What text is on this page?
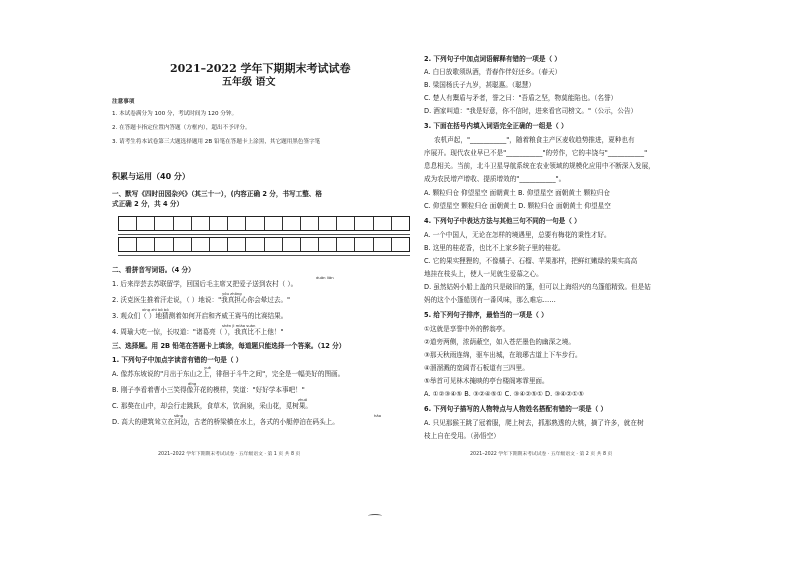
2021–2022 学年下期期末考试试卷
五年级 语文
注意事项
1. 本试卷满分为 100 分，考试时间为 120 分钟。
2. 在答题卡指定位置内答题（方框内），超出不予评分。
3. 请考生将本试卷第三大题选择题用 2B 铅笔在答题卡上涂黑，其它题用黑色签字笔
积累与运用（40 分）
一、默写《四时田园杂兴》（其三十一），(内容正确 2 分，书写工整、格
式正确 2 分，共 4 分）
二、看拼音写词语。（4 分）
duān liǎn
1. 后来岸芸去苏联留学，回国后毛主席又把爱子送到农村（ ）。
yóu zhōng
2. 沃克医生推着汗走说，（ ）地说："我真担心你会晕过去。"
xìng zhì bó bó
3. 观众们（ ）地猜测着如何开启和齐威王赛马的比赛结果。
shén jì miào suàn
4. 周瑜大吃一惊，长叹道："诸葛亮（ ），我真比不上他！"
三、选择题。用 2B 铅笔在答题卡上填涂，每道题只能选择一个答案。（12 分）
1. 下列句子中加点字读音有错的一句是（ ）
yuè
A. 像苏东坡说的"月出于东山之上，徘徊于斗牛之间"，完全是一幅美好的图画。
dīng
B. 刚子李看着曹小三笑得像开花的模样，笑道："好好学本事吧！"
zhuó
C. 那獒在山中，却会行走跳跃，食草木，饮涧泉，采山花，觅树果。
sōng	hǎo
D. 高大的建筑耸立在河边，古老的桥梁横在水上，各式的小艇停泊在码头上。
2021–2022 学年下期期末考试试卷 · 五年级语文 · 第 1 页 共 8 页
2. 下列句子中加点词语解释有错的一项是（ ）
A. 白日放歌须纵酒，青春作伴好还乡。（春天）
B. 梁国杨氏子九岁，甚聪惠。（聪慧）
C. 楚人有鬻盾与矛者，誉之曰："吾盾之坚，物莫能陷也。（名誉）
D. 酒家叫道："我是好意，你不信时，进来看官司榜文。"（公示，公告）
3. 下面在括号内填入词语完全正确的一组是（ ）
农机声起，"___________"，随着粮食主产区麦收趋势推进，夏种也有
序展开。现代农业早已不是"___________"的劳作，它的丰饶与"___________"
息息相关。当前，北斗卫星导航系统在农业领域的规模化应用中不断深入发展，
成为农民增产增收、提质增效的"___________"。
A. 颗粒归仓 仰望星空 面朝黄土 B. 仰望星空 面朝黄土 颗粒归仓
C. 仰望星空 颗粒归仓 面朝黄土 D. 颗粒归仓 面朝黄土 仰望星空
4. 下列句子中表达方法与其他三句不同的一句是（ ）
A. 一个中国人，无论在怎样的境遇里，总要有梅花的秉性才好。
B. 这里的桂花香，也比不上家乡院子里的桂花。
C. 它的果实狸狸的，不像橘子、石榴、苹果那样，把鲜红嫩绿的果实高高
地挂在枝头上，使人一见就生爱慕之心。
D. 虽然姑妈小船上盖的只是破旧的篷，但可以上海绍兴的乌篷船精致。但是姑
妈的这个小篷船别有一番风味，那么难忘……
5. 给下列句子排序，最恰当的一项是（ ）
①这就是享誉中外的醉翁亭。
②道旁两侧，浓荫蔽空，如入苍茫墨色的幽深之境。
③那天秋雨连绵，驱车出城，在琅琊古道上下车步行。
④溜溜溅的宽阔青石板道有三四里。
⑤举首可见林木掩映的亭台楼阁寒霏里面。
A. ①②③④⑤ B. ③②④⑤① C. ③④②⑤① D. ③④②①⑤
6. 下列句子描写的人物特点与人物姓名搭配有错的一项是（ ）
A. 只见那猴王跳了冠着服，爬上树去，抓那熟透的大桃，摘了许多，就在树
枝上自在受用。（孙悟空）
2021–2022 学年下期期末考试试卷 · 五年级语文 · 第 2 页 共 8 页
